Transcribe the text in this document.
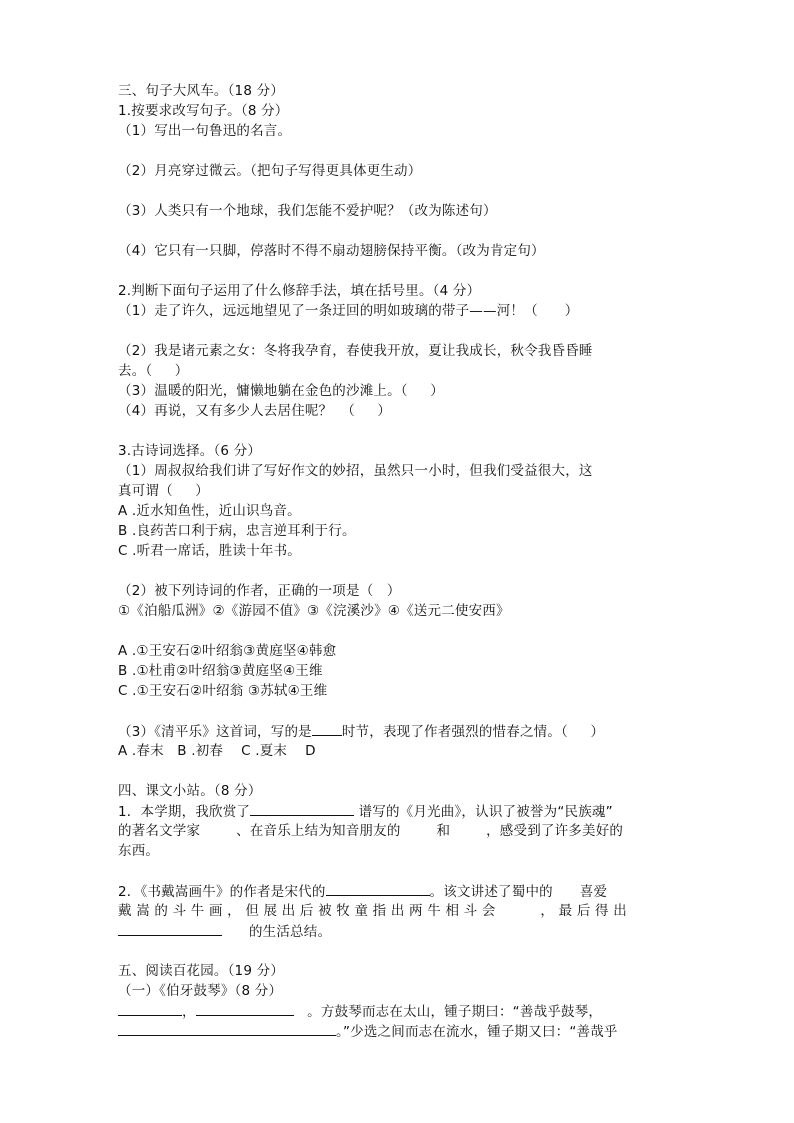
三、句子大风车。（18 分）
1.按要求改写句子。（8 分）
（1）写出一句鲁迅的名言。
（2）月亮穿过微云。（把句子写得更具体更生动）
（3）人类只有一个地球，我们怎能不爱护呢？（改为陈述句）
（4）它只有一只脚，停落时不得不扇动翅膀保持平衡。（改为肯定句）
2.判断下面句子运用了什么修辞手法，填在括号里。（4 分）
（1）走了许久，远远地望见了一条迂回的明如玻璃的带子——河！（      ）
（2）我是诸元素之女：冬将我孕育，春使我开放，夏让我成长，秋令我昏昏睡
去。（     ）
（3）温暖的阳光，慵懒地躺在金色的沙滩上。（     ）
（4）再说，又有多少人去居住呢？  （     ）
3.古诗词选择。（6 分）
（1）周叔叔给我们讲了写好作文的妙招，虽然只一小时，但我们受益很大，这
真可谓（     ）
A .近水知鱼性，近山识鸟音。
B .良药苦口利于病，忠言逆耳利于行。
C .听君一席话，胜读十年书。
（2）被下列诗词的作者，正确的一项是（   ）
①《泊船瓜洲》②《游园不值》③《浣溪沙》④《送元二使安西》
A .①王安石②叶绍翁③黄庭坚④韩愈
B .①杜甫②叶绍翁③黄庭坚④王维
C .①王安石②叶绍翁 ③苏轼④王维
（3）《清平乐》这首词，写的是 时节，表现了作者强烈的惜春之情。（     ）
A .春末   B .初春    C .夏末    D
四、课文小站。（8 分）
1．本学期，我欣赏了	谱写的《月光曲》，认识了被誉为“民族魂”
的著名文学家        、在音乐上结为知音朋友的        和        ，感受到了许多美好的
东西。
2．《书戴嵩画牛》的作者是宋代的	。该文讲述了蜀中的      喜爱
戴 嵩 的 斗 牛 画 ， 但 展 出 后 被 牧 童 指 出 两 牛 相 斗 会          ， 最 后 得 出
的生活总结。
五、阅读百花园。（19 分）
（一）《伯牙鼓琴》（8 分）
，	。方鼓琴而志在太山，锺子期曰：“善哉乎鼓琴，
。”少选之间而志在流水，锺子期又曰：“善哉乎
